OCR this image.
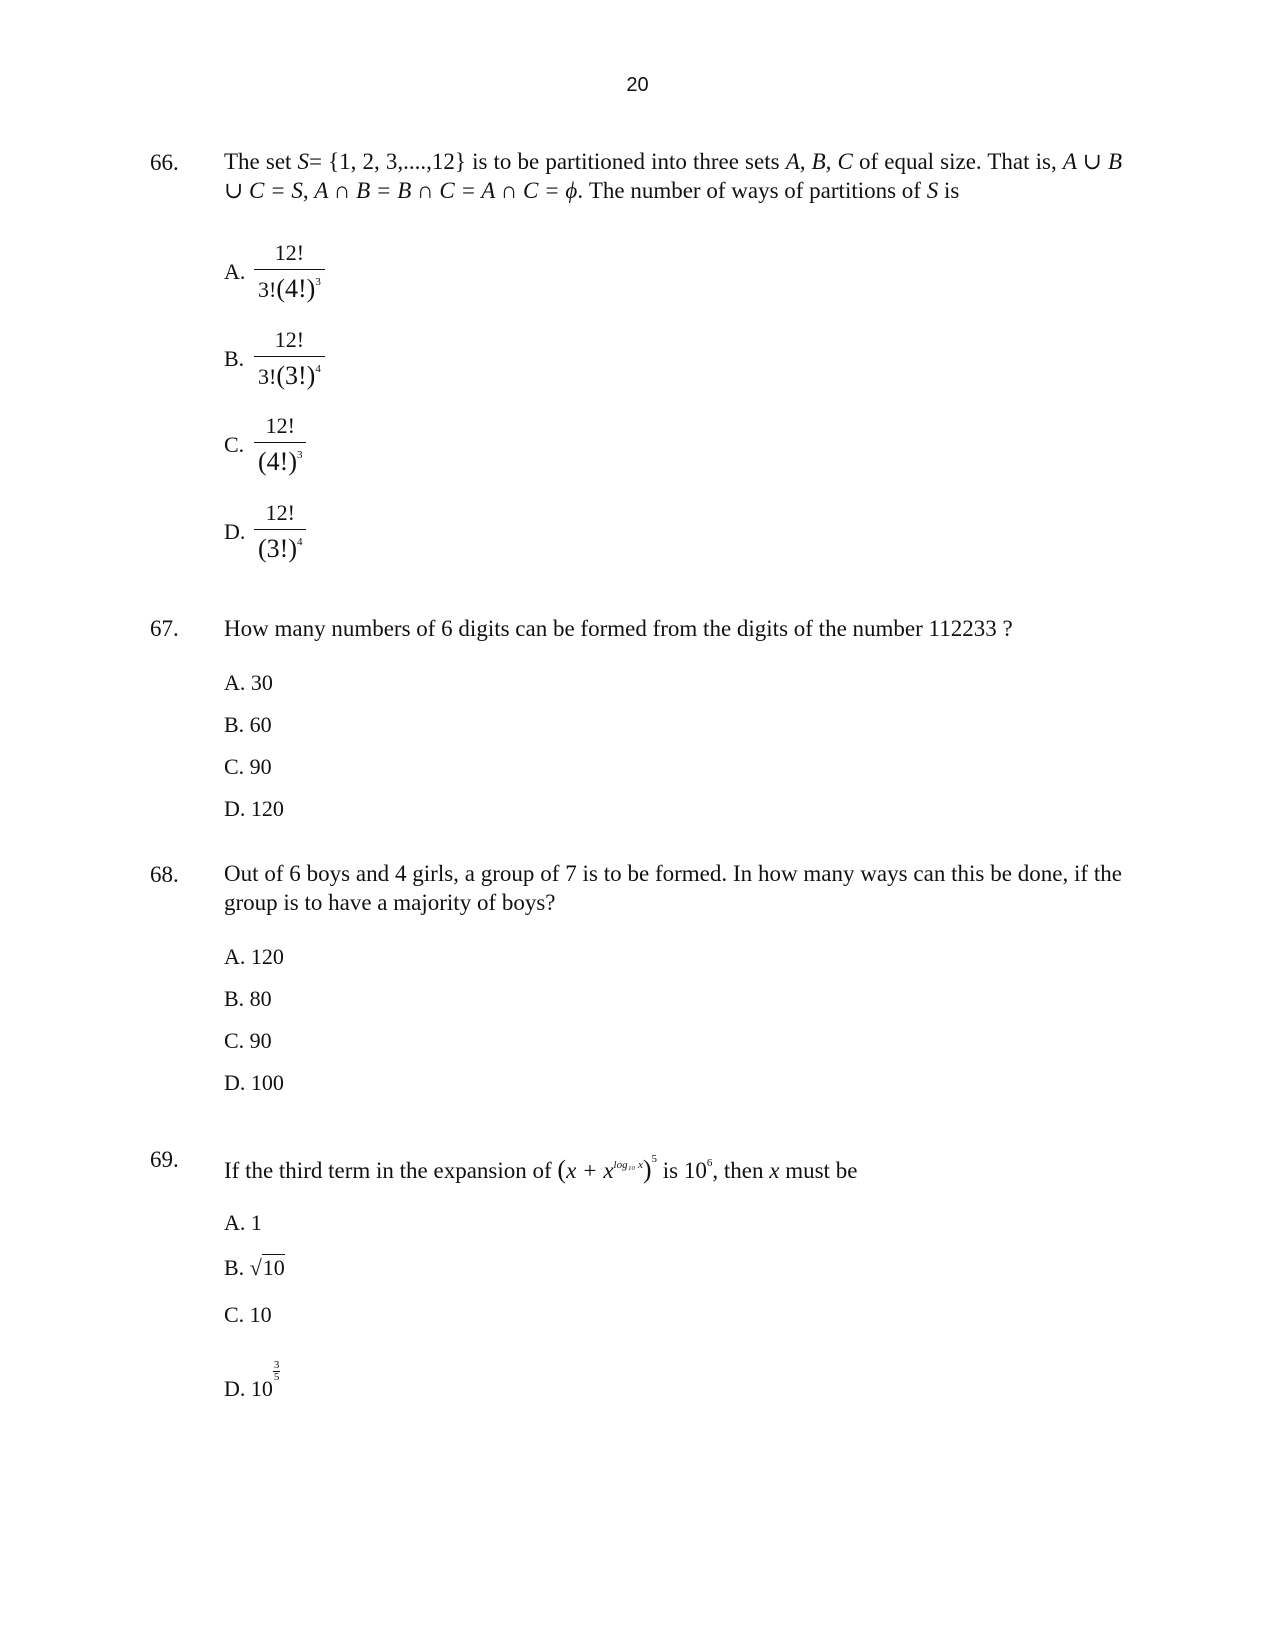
20
66. The set S= {1, 2, 3,....,12} is to be partitioned into three sets A, B, C of equal size. That is, A ∪ B ∪ C = S, A ∩ B = B ∩ C = A ∩ C = ϕ. The number of ways of partitions of S is
A. $\frac{12!}{3!(4!)^3}$
B. $\frac{12!}{3!(3!)^4}$
C. $\frac{12!}{(4!)^3}$
D. $\frac{12!}{(3!)^4}$
67. How many numbers of 6 digits can be formed from the digits of the number 112233 ?
A. 30
B. 60
C. 90
D. 120
68. Out of 6 boys and 4 girls, a group of 7 is to be formed. In how many ways can this be done, if the group is to have a majority of boys?
A. 120
B. 80
C. 90
D. 100
69. If the third term in the expansion of $(x + x^{log_{10} x})^5$ is $10^6$, then x must be
A. 1
B. √10
C. 10
D. 10
$\frac{3}{5}$
